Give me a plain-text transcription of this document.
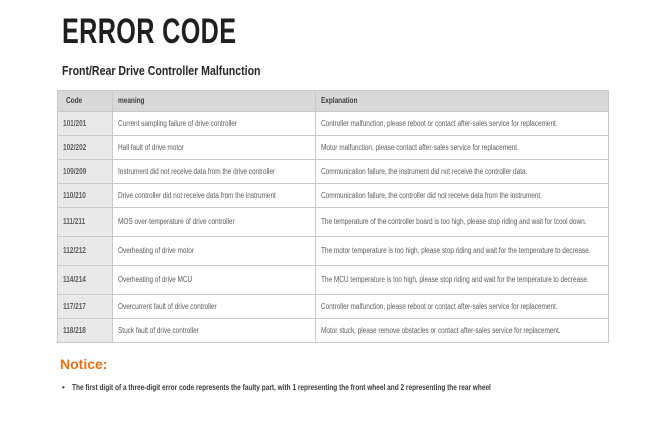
ERROR CODE
Front/Rear Drive Controller Malfunction
Code	meaning	Explanation

101/201	Current sampling failure of drive controller	Controller malfunction, please reboot or contact after-sales service for replacement.

102/202	Hall fault of drive motor	Motor malfunction, please contact after-sales service for replacement.

109/209	Instrument did not receive data from the drive controller	Communication failure, the instrument did not receive the controller data.

110/210	Drive controller did not receive data from the instrument	Communication failure, the controller did not receive data from the instrument.

111/211	MOS over-temperature of drive controller	The temperature of the controller board is too high, please stop riding and wait for tcool down.

112/212	Overheating of drive motor	The motor temperature is too high, please stop riding and wait for the temperature to decrease.

114/214	Overheating of drive MCU	The MCU temperature is too high, please stop riding and wait for the temperature to decrease.

117/217	Overcurrent fault of drive controller	Controller malfunction, please reboot or contact after-sales service for replacement.

118/218	Stuck fault of drive controller	Motor stuck, please remove obstacles or contact after-sales service for replacement.
Notice:
• The first digit of a three-digit error code represents the faulty part, with 1 representing the front wheel and 2 representing the rear wheel
